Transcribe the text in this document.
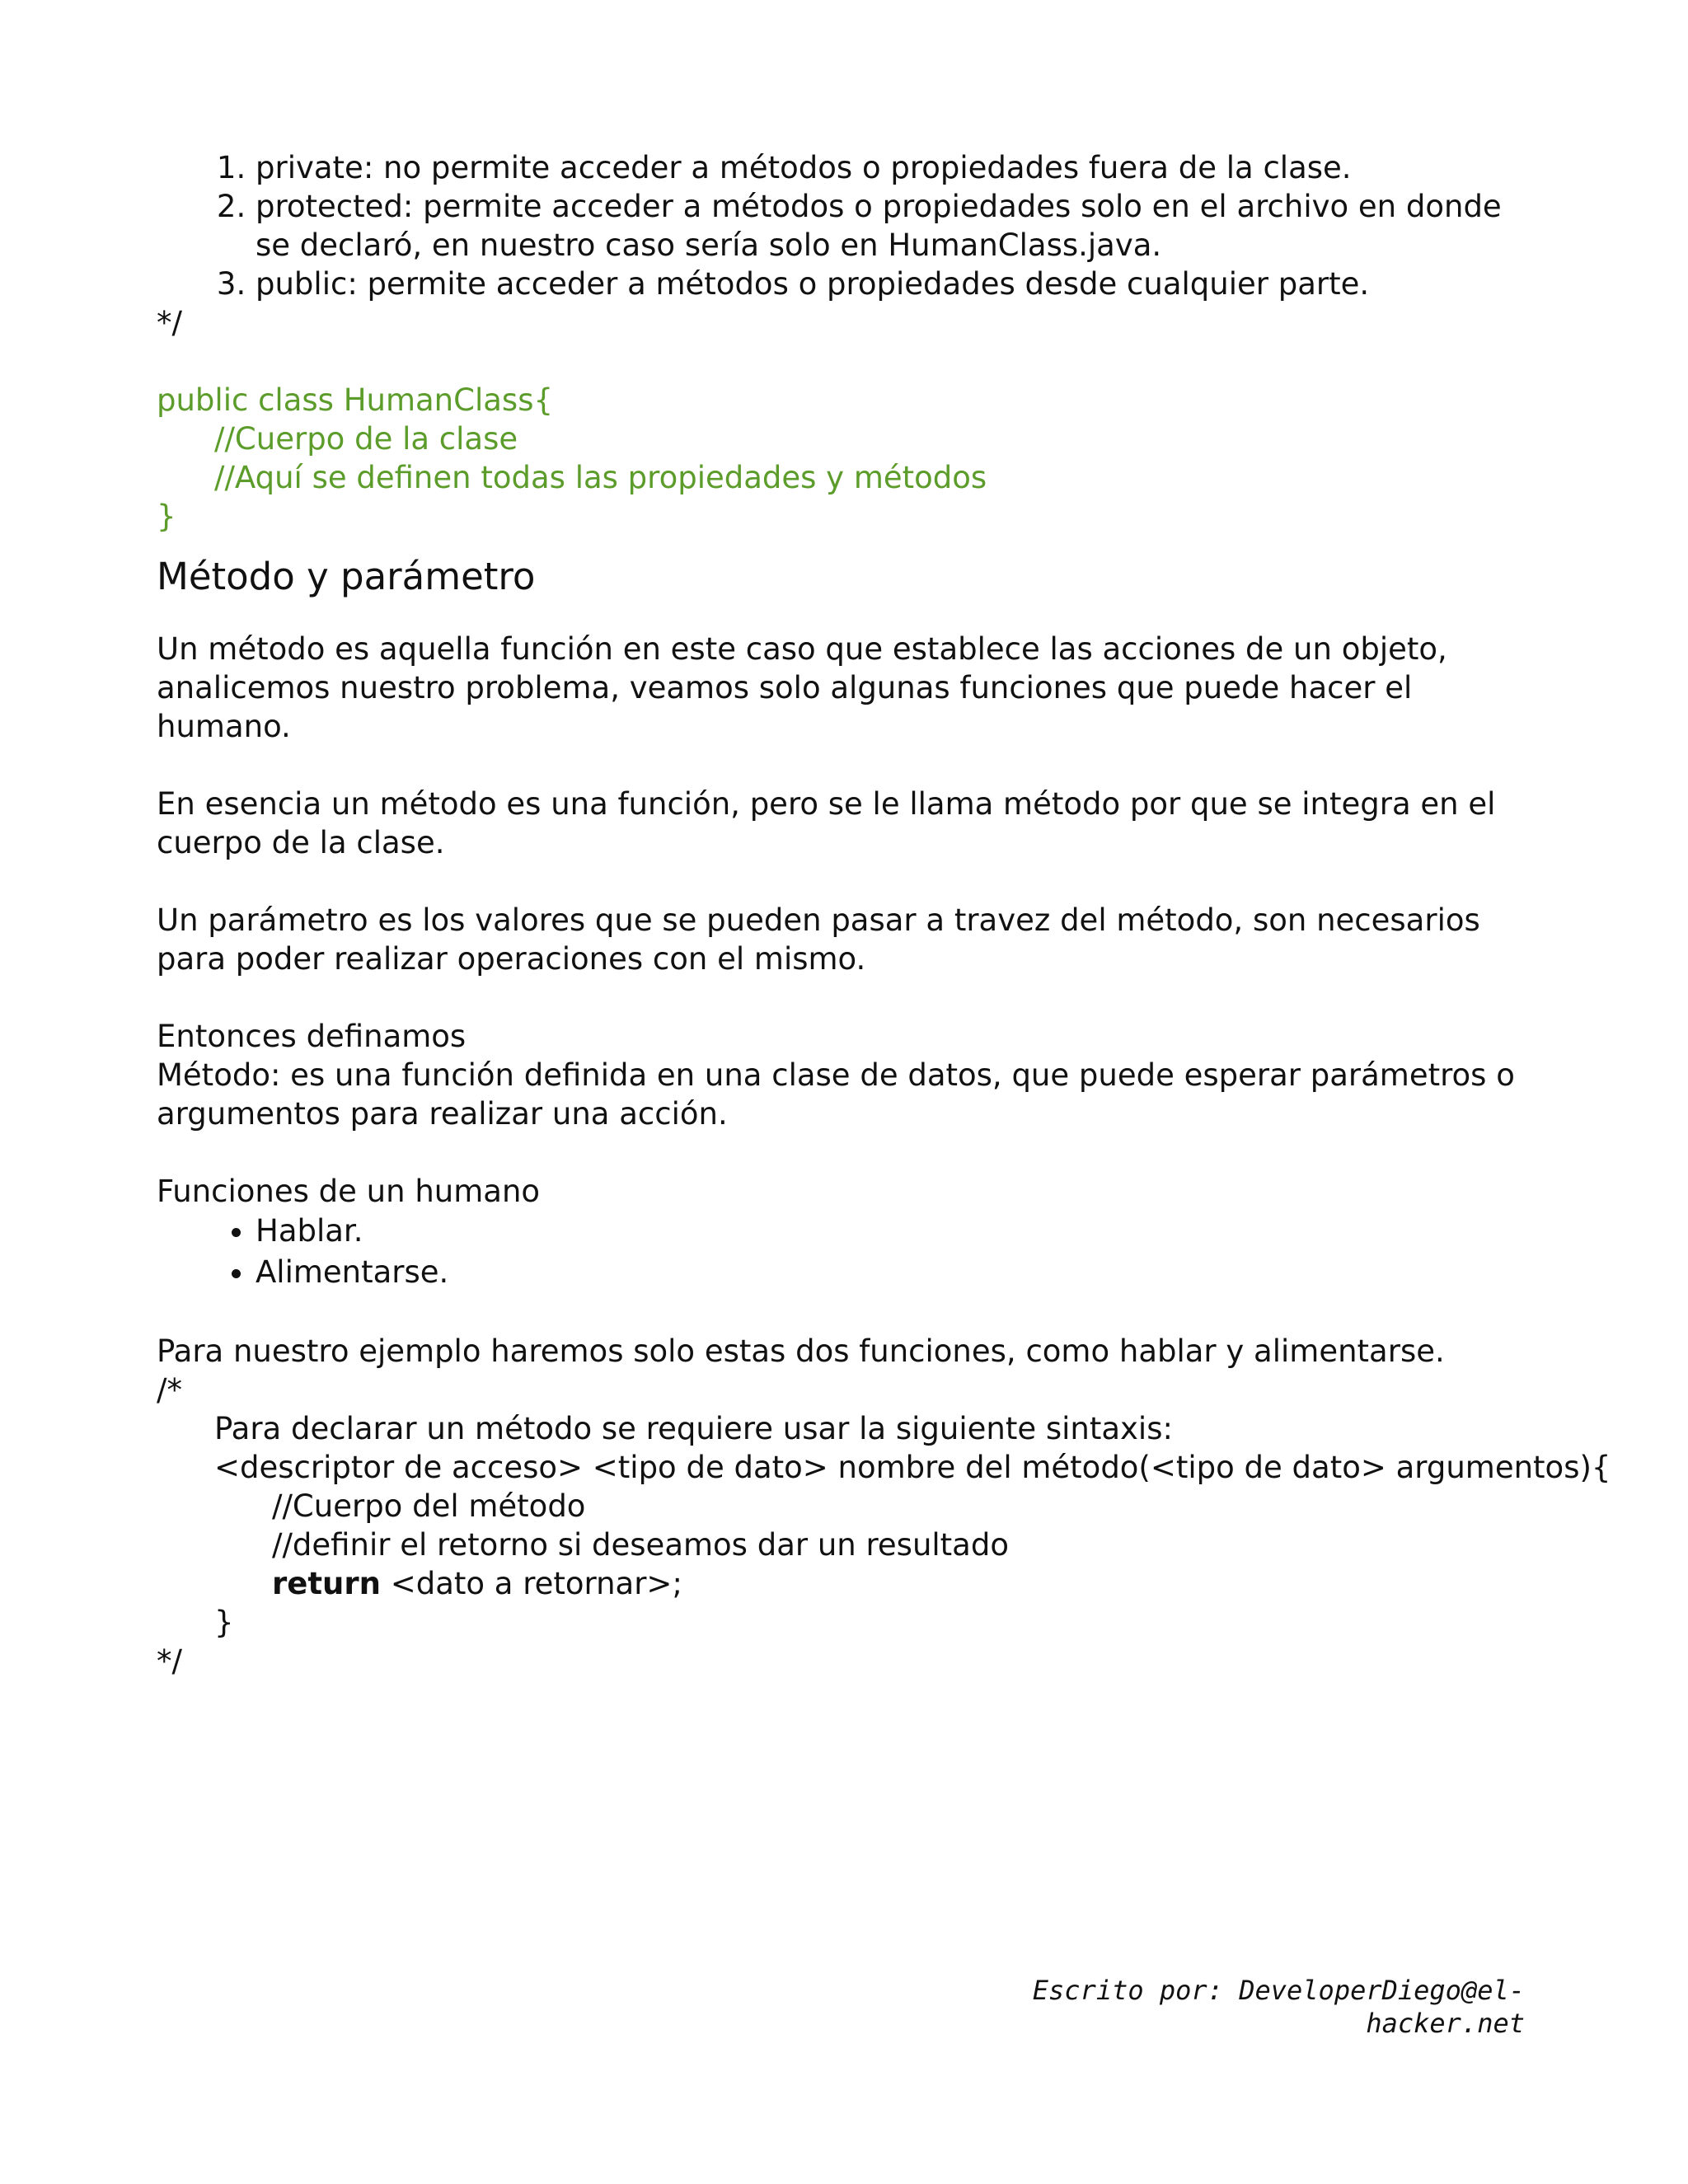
1. private: no permite acceder a métodos o propiedades fuera de la clase.
2. protected: permite acceder a métodos o propiedades solo en el archivo en donde se declaró, en nuestro caso sería solo en HumanClass.java.
3. public: permite acceder a métodos o propiedades desde cualquier parte.
*/
public class HumanClass{
//Cuerpo de la clase
//Aquí se definen todas las propiedades y métodos
}
Método y parámetro

Un método es aquella función en este caso que establece las acciones de un objeto, analicemos nuestro problema, veamos solo algunas funciones que puede hacer el humano.

En esencia un método es una función, pero se le llama método por que se integra en el cuerpo de la clase.

Un parámetro es los valores que se pueden pasar a travez del método, son necesarios para poder realizar operaciones con el mismo.

Entonces definamos

Método: es una función definida en una clase de datos, que puede esperar parámetros o argumentos para realizar una acción.

Funciones de un humano

• Hablar.
• Alimentarse.

Para nuestro ejemplo haremos solo estas dos funciones, como hablar y alimentarse.

/*
Para declarar un método se requiere usar la siguiente sintaxis:
<descriptor de acceso> <tipo de dato> nombre del método(<tipo de dato> argumentos){
//Cuerpo del método
//definir el retorno si deseamos dar un resultado
return <dato a retornar>;
}
*/
Escrito por: DeveloperDiego@el-hacker.net
